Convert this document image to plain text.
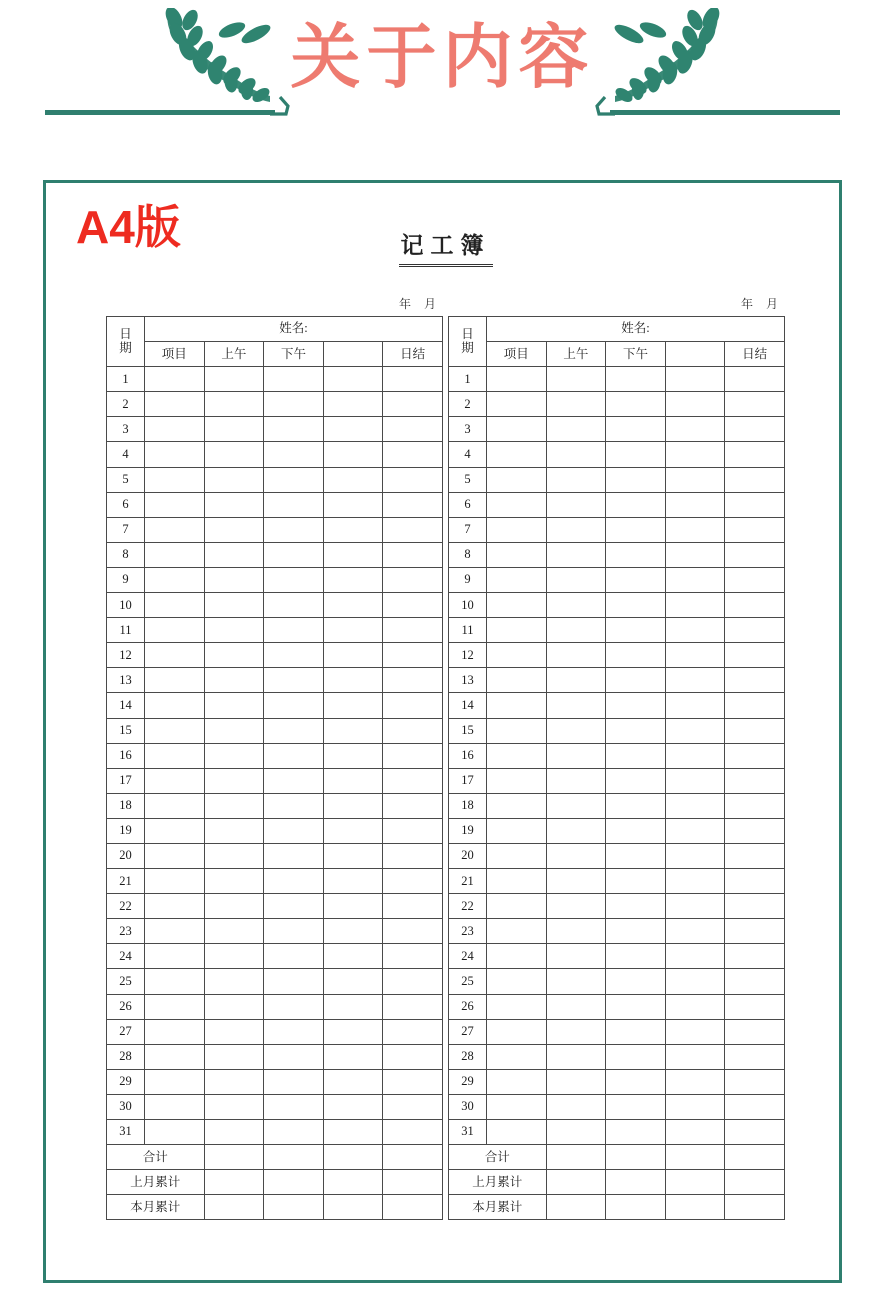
关于内容
A4版	记工簿
年 月
日
期	姓名:				
	项目	上午	下午		日结
1					
2					
3					
4					
5					
6					
7					
8					
9					
10					
11					
12					
13					
14					
15					
16					
17					
18					
19					
20					
21					
22					
23					
24					
25					
26					
27					
28					
29					
30					
31					
合计					
上月累计					
本月累计					
年 月
日
期	姓名:				
	项目	上午	下午		日结
1					
2					
3					
4					
5					
6					
7					
8					
9					
10					
11					
12					
13					
14					
15					
16					
17					
18					
19					
20					
21					
22					
23					
24					
25					
26					
27					
28					
29					
30					
31					
合计					
上月累计					
本月累计					
